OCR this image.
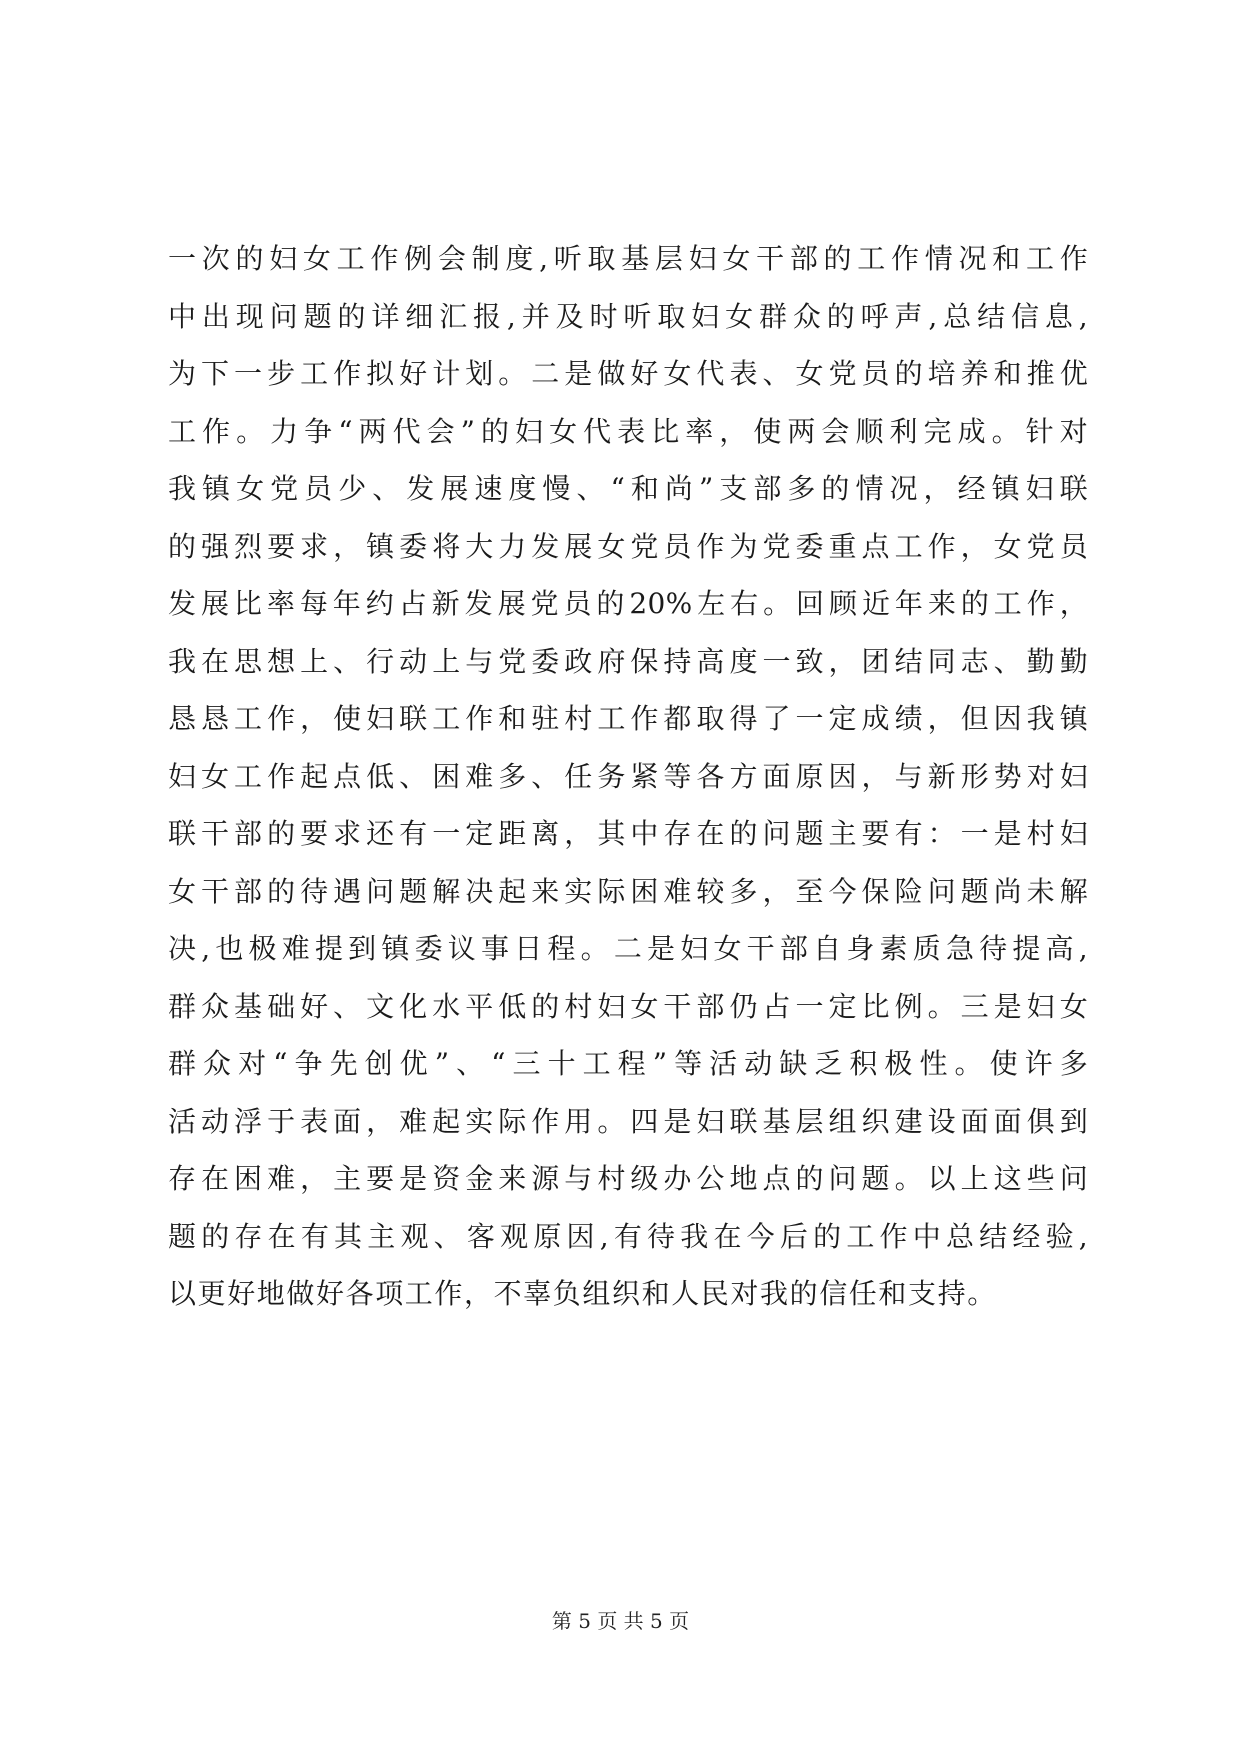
一次的妇女工作例会制度,听取基层妇女干部的工作情况和工作
中出现问题的详细汇报,并及时听取妇女群众的呼声,总结信息,
为下一步工作拟好计划。二是做好女代表、女党员的培养和推优
工作。力争“两代会”的妇女代表比率，使两会顺利完成。针对
我镇女党员少、发展速度慢、“和尚”支部多的情况，经镇妇联
的强烈要求，镇委将大力发展女党员作为党委重点工作，女党员
发展比率每年约占新发展党员的20%左右。回顾近年来的工作，
我在思想上、行动上与党委政府保持高度一致，团结同志、勤勤
恳恳工作，使妇联工作和驻村工作都取得了一定成绩，但因我镇
妇女工作起点低、困难多、任务紧等各方面原因，与新形势对妇
联干部的要求还有一定距离，其中存在的问题主要有：一是村妇
女干部的待遇问题解决起来实际困难较多，至今保险问题尚未解
决,也极难提到镇委议事日程。二是妇女干部自身素质急待提高,
群众基础好、文化水平低的村妇女干部仍占一定比例。三是妇女
群众对“争先创优”、“三十工程”等活动缺乏积极性。使许多
活动浮于表面，难起实际作用。四是妇联基层组织建设面面俱到
存在困难，主要是资金来源与村级办公地点的问题。以上这些问
题的存在有其主观、客观原因,有待我在今后的工作中总结经验,
以更好地做好各项工作，不辜负组织和人民对我的信任和支持。
第 5 页 共 5 页
